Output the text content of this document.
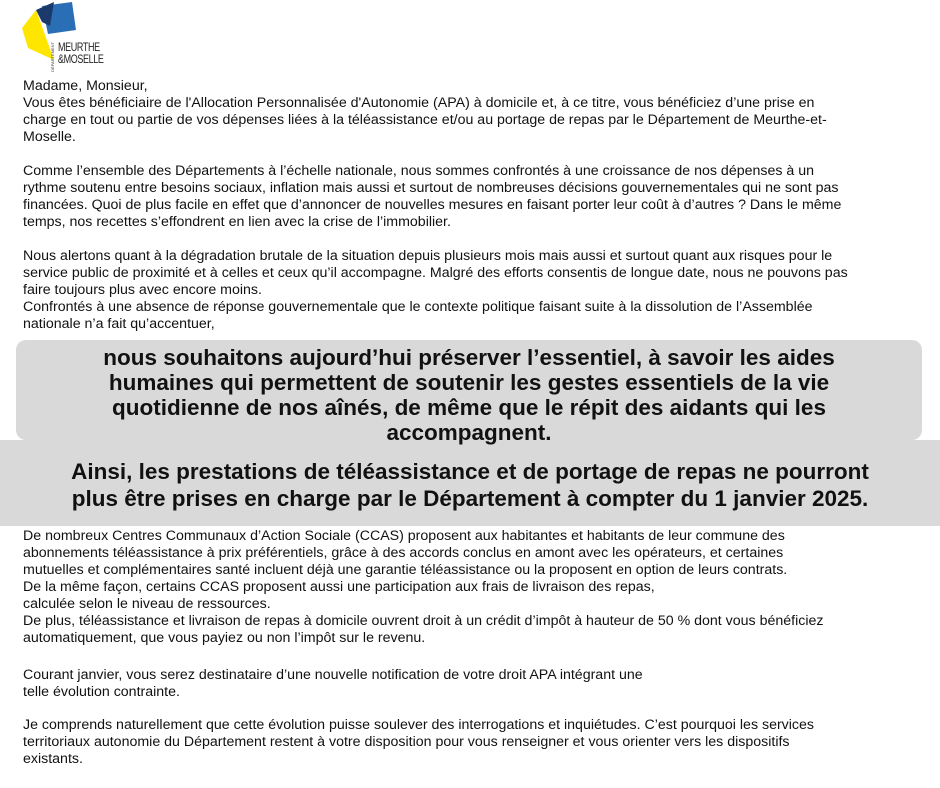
MEURTHE
&MOSELLE
DÉPARTEMENT
Madame, Monsieur,
Vous êtes bénéficiaire de l'Allocation Personnalisée d'Autonomie (APA) à domicile et, à ce titre, vous bénéficiez d’une prise en
charge en tout ou partie de vos dépenses liées à la téléassistance et/ou au portage de repas par le Département de Meurthe-et-
Moselle.
Comme l’ensemble des Départements à l’échelle nationale, nous sommes confrontés à une croissance de nos dépenses à un
rythme soutenu entre besoins sociaux, inflation mais aussi et surtout de nombreuses décisions gouvernementales qui ne sont pas
financées. Quoi de plus facile en effet que d’annoncer de nouvelles mesures en faisant porter leur coût à d’autres ? Dans le même
temps, nos recettes s’effondrent en lien avec la crise de l’immobilier.
Nous alertons quant à la dégradation brutale de la situation depuis plusieurs mois mais aussi et surtout quant aux risques pour le
service public de proximité et à celles et ceux qu’il accompagne. Malgré des efforts consentis de longue date, nous ne pouvons pas
faire toujours plus avec encore moins.
Confrontés à une absence de réponse gouvernementale que le contexte politique faisant suite à la dissolution de l’Assemblée
nationale n’a fait qu’accentuer,
nous souhaitons aujourd’hui préserver l’essentiel, à savoir les aides
humaines qui permettent de soutenir les gestes essentiels de la vie
quotidienne de nos aînés, de même que le répit des aidants qui les
accompagnent.
Ainsi, les prestations de téléassistance et de portage de repas ne pourront
plus être prises en charge par le Département à compter du 1 janvier 2025.
De nombreux Centres Communaux d’Action Sociale (CCAS) proposent aux habitantes et habitants de leur commune des
abonnements téléassistance à prix préférentiels, grâce à des accords conclus en amont avec les opérateurs, et certaines
mutuelles et complémentaires santé incluent déjà une garantie téléassistance ou la proposent en option de leurs contrats.
De la même façon, certains CCAS proposent aussi une participation aux frais de livraison des repas,
calculée selon le niveau de ressources.
De plus, téléassistance et livraison de repas à domicile ouvrent droit à un crédit d’impôt à hauteur de 50 % dont vous bénéficiez
automatiquement, que vous payiez ou non l’impôt sur le revenu.
Courant janvier, vous serez destinataire d’une nouvelle notification de votre droit APA intégrant une
telle évolution contrainte.
Je comprends naturellement que cette évolution puisse soulever des interrogations et inquiétudes. C’est pourquoi les services
territoriaux autonomie du Département restent à votre disposition pour vous renseigner et vous orienter vers les dispositifs
existants.
